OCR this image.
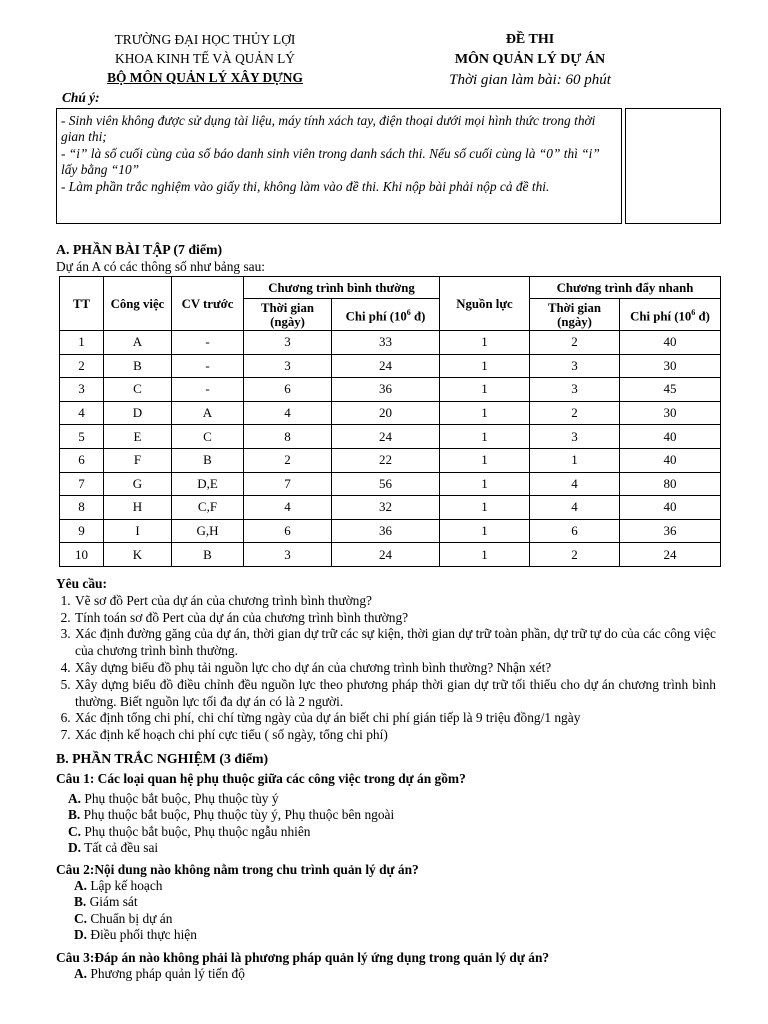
TRƯỜNG ĐẠI HỌC THỦY LỢI
KHOA KINH TẾ VÀ QUẢN LÝ
BỘ MÔN QUẢN LÝ XÂY DỰNG
ĐỀ THI
MÔN QUẢN LÝ DỰ ÁN
Thời gian làm bài: 60 phút
Chú ý:

- Sinh viên không được sử dụng tài liệu, máy tính xách tay, điện thoại dưới mọi hình thức trong thời gian thi;

- “i” là số cuối cùng của số báo danh sinh viên trong danh sách thi. Nếu số cuối cùng là “0” thì “i” lấy bằng “10”

- Làm phần trắc nghiệm vào giấy thi, không làm vào đề thi. Khi nộp bài phải nộp cả đề thi.

A. PHẦN BÀI TẬP (7 điểm)
Dự án A có các thông số như bảng sau:
TT	Công việc	CV trước	Chương trình bình thường		Nguồn lực	Chương trình đẩy nhanh	
			Thời gian (ngày)	Chi phí ($10^6$ đ)		Thời gian (ngày)	Chi phí ($10^6$ đ)
1	A	-	3	33	1	2	40
2	B	-	3	24	1	3	30
3	C	-	6	36	1	3	45
4	D	A	4	20	1	2	30
5	E	C	8	24	1	3	40
6	F	B	2	22	1	1	40
7	G	D,E	7	56	1	4	80
8	H	C,F	4	32	1	4	40
9	I	G,H	6	36	1	6	36
10	K	B	3	24	1	2	24
Yêu cầu:
1. Vẽ sơ đồ Pert của dự án của chương trình bình thường?
2. Tính toán sơ đồ Pert của dự án của chương trình bình thường?
3. Xác định đường găng của dự án, thời gian dự trữ các sự kiện, thời gian dự trữ toàn phần, dự trữ tự do của các công việc của chương trình bình thường.
4. Xây dựng biểu đồ phụ tải nguồn lực cho dự án của chương trình bình thường? Nhận xét?
5. Xây dựng biểu đồ điều chỉnh đều nguồn lực theo phương pháp thời gian dự trữ tối thiểu cho dự án chương trình bình thường. Biết nguồn lực tối đa dự án có là 2 người.
6. Xác định tổng chi phí, chi chí từng ngày của dự án biết chi phí gián tiếp là 9 triệu đồng/1 ngày
7. Xác định kế hoạch chi phí cực tiểu ( số ngày, tổng chi phí)
B. PHẦN TRẮC NGHIỆM (3 điểm)
Câu 1: Các loại quan hệ phụ thuộc giữa các công việc trong dự án gồm?
A. Phụ thuộc bắt buộc, Phụ thuộc tùy ý
B. Phụ thuộc bắt buộc, Phụ thuộc tùy ý, Phụ thuộc bên ngoài
C. Phụ thuộc bắt buộc, Phụ thuộc ngẫu nhiên
D. Tất cả đều sai
Câu 2:Nội dung nào không nằm trong chu trình quản lý dự án?
A. Lập kế hoạch
B. Giám sát
C. Chuẩn bị dự án
D. Điều phối thực hiện
Câu 3:Đáp án nào không phải là phương pháp quản lý ứng dụng trong quản lý dự án?
A. Phương pháp quản lý tiến độ
